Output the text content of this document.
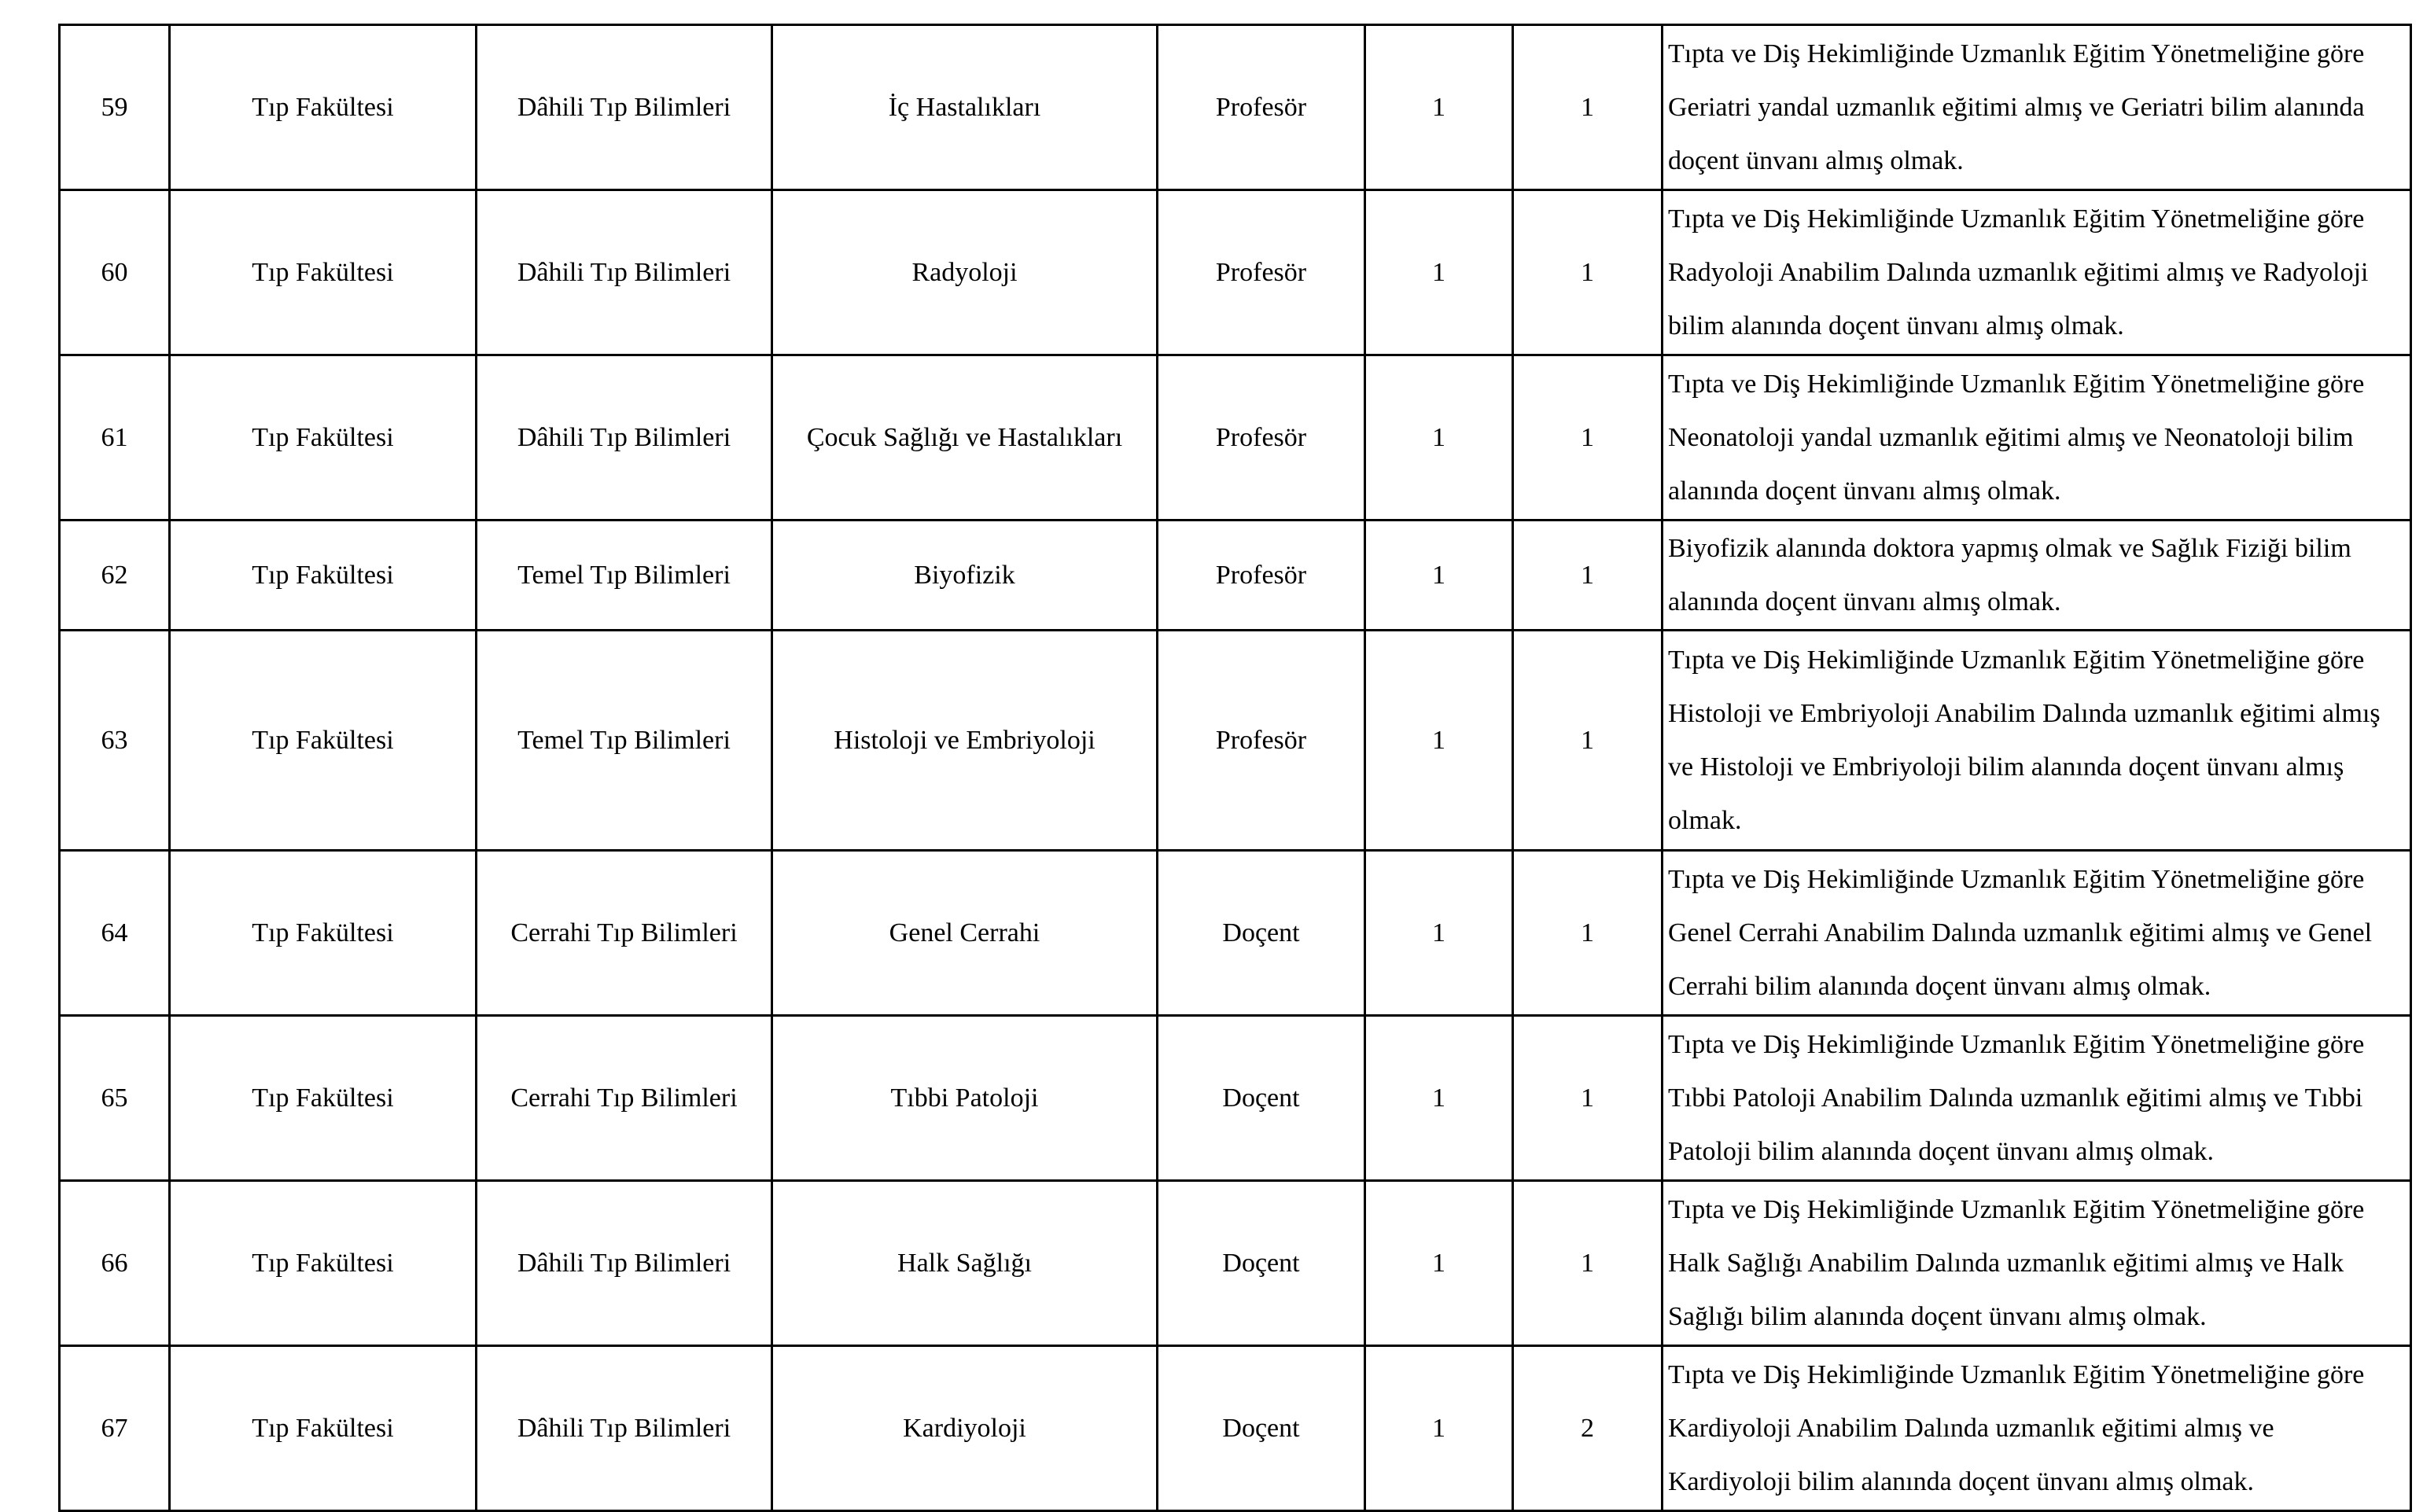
59	Tıp Fakültesi	Dâhili Tıp Bilimleri	İç Hastalıkları	Profesör	1	1	Tıpta ve Diş Hekimliğinde Uzmanlık Eğitim Yönetmeliğine göre Geriatri yandal uzmanlık eğitimi almış ve Geriatri bilim alanında doçent ünvanı almış olmak.
60	Tıp Fakültesi	Dâhili Tıp Bilimleri	Radyoloji	Profesör	1	1	Tıpta ve Diş Hekimliğinde Uzmanlık Eğitim Yönetmeliğine göre Radyoloji Anabilim Dalında uzmanlık eğitimi almış ve Radyoloji bilim alanında doçent ünvanı almış olmak.
61	Tıp Fakültesi	Dâhili Tıp Bilimleri	Çocuk Sağlığı ve Hastalıkları	Profesör	1	1	Tıpta ve Diş Hekimliğinde Uzmanlık Eğitim Yönetmeliğine göre Neonatoloji yandal uzmanlık eğitimi almış ve Neonatoloji bilim alanında doçent ünvanı almış olmak.
62	Tıp Fakültesi	Temel Tıp Bilimleri	Biyofizik	Profesör	1	1	Biyofizik alanında doktora yapmış olmak ve Sağlık Fiziği bilim alanında doçent ünvanı almış olmak.
63	Tıp Fakültesi	Temel Tıp Bilimleri	Histoloji ve Embriyoloji	Profesör	1	1	Tıpta ve Diş Hekimliğinde Uzmanlık Eğitim Yönetmeliğine göre Histoloji ve Embriyoloji Anabilim Dalında uzmanlık eğitimi almış ve Histoloji ve Embriyoloji bilim alanında doçent ünvanı almış olmak.
64	Tıp Fakültesi	Cerrahi Tıp Bilimleri	Genel Cerrahi	Doçent	1	1	Tıpta ve Diş Hekimliğinde Uzmanlık Eğitim Yönetmeliğine göre Genel Cerrahi Anabilim Dalında uzmanlık eğitimi almış ve Genel Cerrahi bilim alanında doçent ünvanı almış olmak.
65	Tıp Fakültesi	Cerrahi Tıp Bilimleri	Tıbbi Patoloji	Doçent	1	1	Tıpta ve Diş Hekimliğinde Uzmanlık Eğitim Yönetmeliğine göre Tıbbi Patoloji Anabilim Dalında uzmanlık eğitimi almış ve Tıbbi Patoloji bilim alanında doçent ünvanı almış olmak.
66	Tıp Fakültesi	Dâhili Tıp Bilimleri	Halk Sağlığı	Doçent	1	1	Tıpta ve Diş Hekimliğinde Uzmanlık Eğitim Yönetmeliğine göre Halk Sağlığı Anabilim Dalında uzmanlık eğitimi almış ve Halk Sağlığı bilim alanında doçent ünvanı almış olmak.
67	Tıp Fakültesi	Dâhili Tıp Bilimleri	Kardiyoloji	Doçent	1	2	Tıpta ve Diş Hekimliğinde Uzmanlık Eğitim Yönetmeliğine göre Kardiyoloji Anabilim Dalında uzmanlık eğitimi almış ve Kardiyoloji bilim alanında doçent ünvanı almış olmak.
